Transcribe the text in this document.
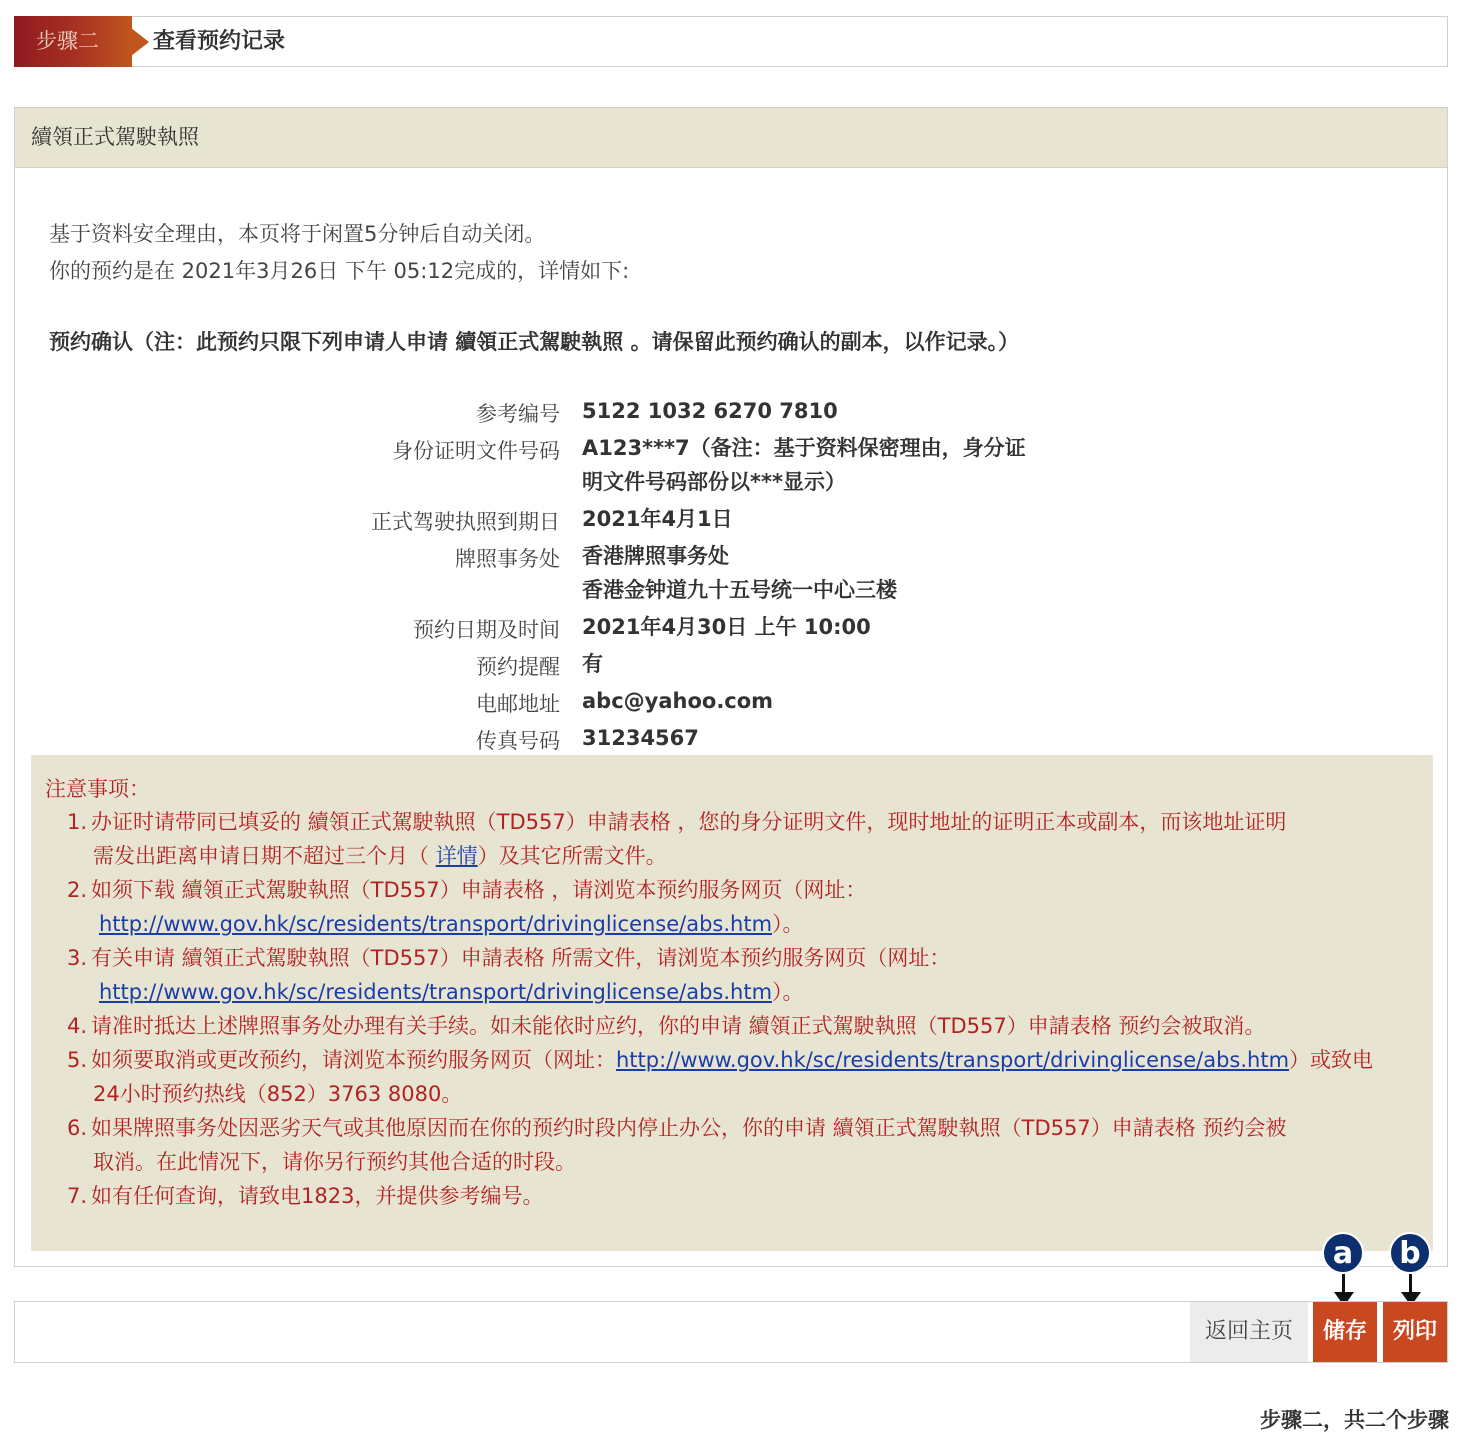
步骤二	查看预约记录
續領正式駕駛執照
基于资料安全理由，本页将于闲置5分钟后自动关闭。
你的预约是在 2021年3月26日 下午 05:12完成的，详情如下:
预约确认（注：此预约只限下列申请人申请 續領正式駕駛執照 。请保留此预约确认的副本，以作记录。）
参考编号 5122 1032 6270 7810
身份证明文件号码 A123***7（备注：基于资料保密理由，身分证
明文件号码部份以***显示）
正式驾驶执照到期日 2021年4月1日
牌照事务处 香港牌照事务处
香港金钟道九十五号统一中心三楼
预约日期及时间 2021年4月30日 上午 10:00
预约提醒 有
电邮地址 abc@yahoo.com
传真号码 31234567
注意事项：
1. 办证时请带同已填妥的 續領正式駕駛執照（TD557）申請表格 ，您的身分证明文件，现时地址的证明正本或副本，而该地址证明
需发出距离申请日期不超过三个月（ 详情）及其它所需文件。
2. 如须下载 續領正式駕駛執照（TD557）申請表格 ，请浏览本预约服务网页（网址：
http://www.gov.hk/sc/residents/transport/drivinglicense/abs.htm）。
3. 有关申请 續領正式駕駛執照（TD557）申請表格 所需文件，请浏览本预约服务网页（网址：
http://www.gov.hk/sc/residents/transport/drivinglicense/abs.htm）。
4. 请准时抵达上述牌照事务处办理有关手续。如未能依时应约，你的申请 續領正式駕駛執照（TD557）申請表格 预约会被取消。
5. 如须要取消或更改预约，请浏览本预约服务网页（网址：http://www.gov.hk/sc/residents/transport/drivinglicense/abs.htm）或致电
24小时预约热线（852）3763 8080。
6. 如果牌照事务处因恶劣天气或其他原因而在你的预约时段内停止办公，你的申请 續領正式駕駛執照（TD557）申請表格 预约会被
取消。在此情况下，请你另行预约其他合适的时段。
7. 如有任何查询，请致电1823，并提供参考编号。
a	b
返回主页	储存	列印
步骤二，共二个步骤
